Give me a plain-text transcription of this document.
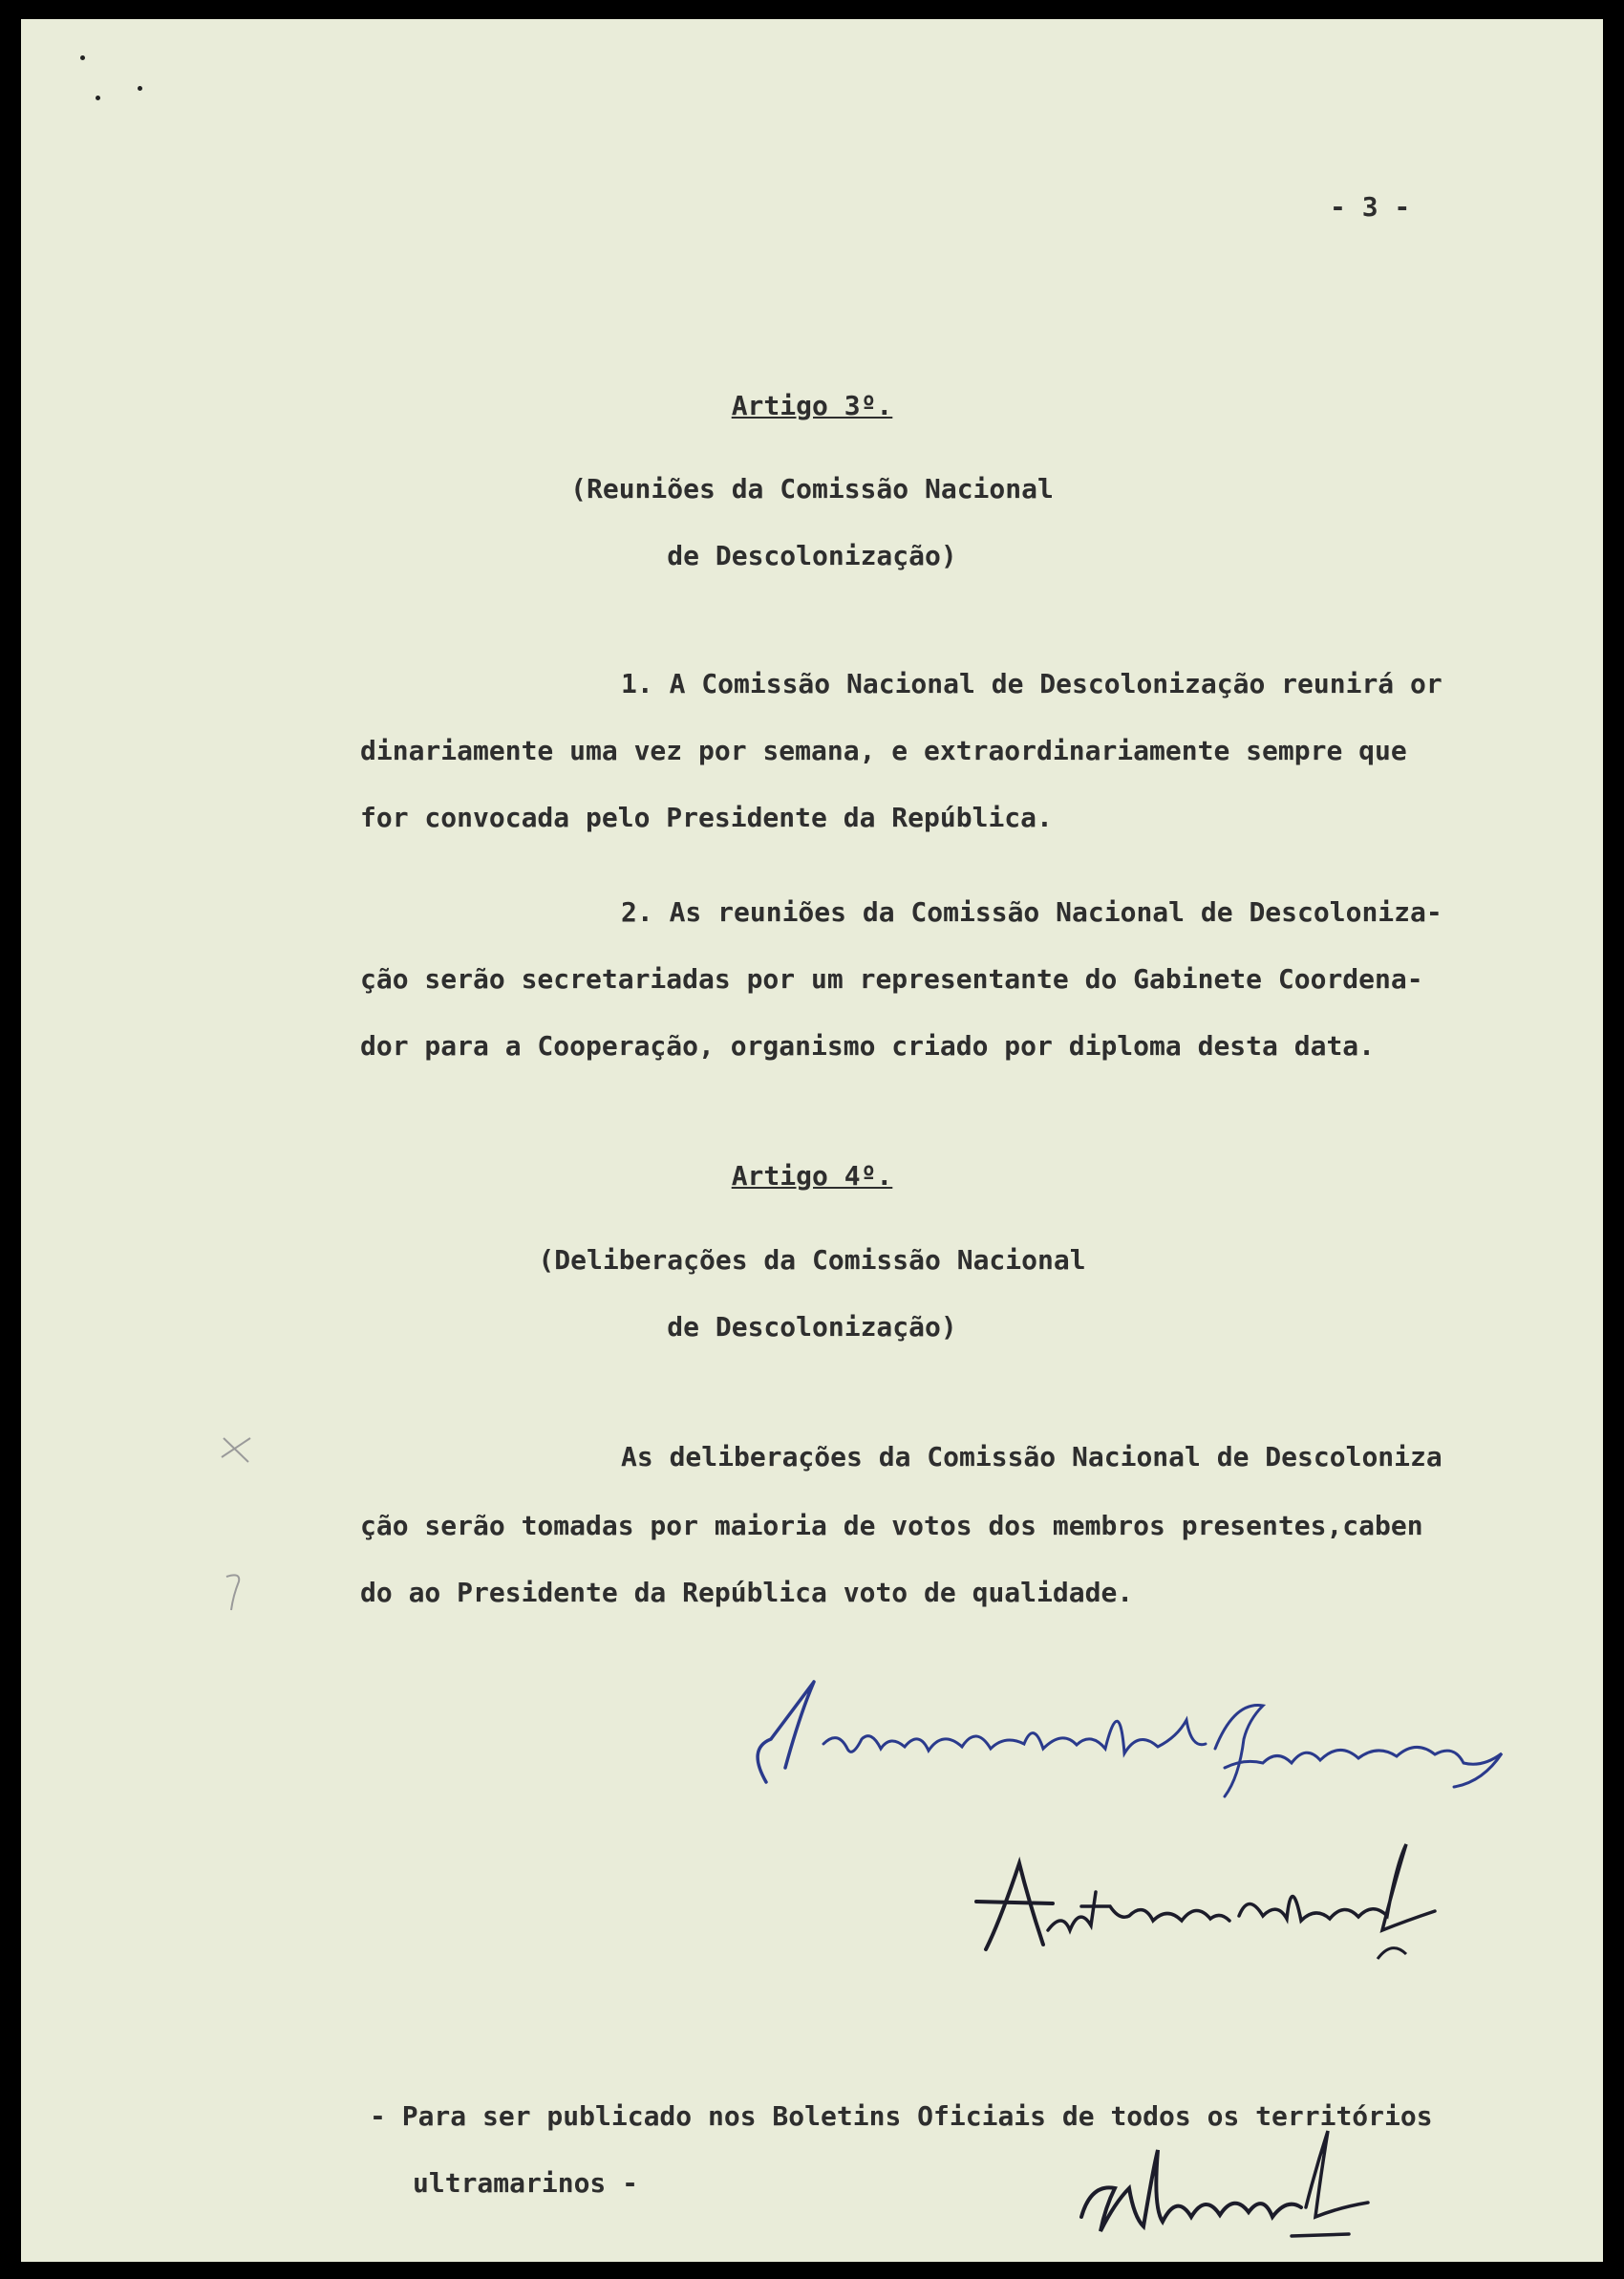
- 3 -
Artigo 3º.
(Reuniões da Comissão Nacional
de Descolonização)
1. A Comissão Nacional de Descolonização reunirá or
dinariamente uma vez por semana, e extraordinariamente sempre que
for convocada pelo Presidente da República.
2. As reuniões da Comissão Nacional de Descoloniza-
ção serão secretariadas por um representante do Gabinete Coordena-
dor para a Cooperação, organismo criado por diploma desta data.
Artigo 4º.
(Deliberações da Comissão Nacional
de Descolonização)
As deliberações da Comissão Nacional de Descoloniza
ção serão tomadas por maioria de votos dos membros presentes,caben
do ao Presidente da República voto de qualidade.
- Para ser publicado nos Boletins Oficiais de todos os territórios
ultramarinos -
